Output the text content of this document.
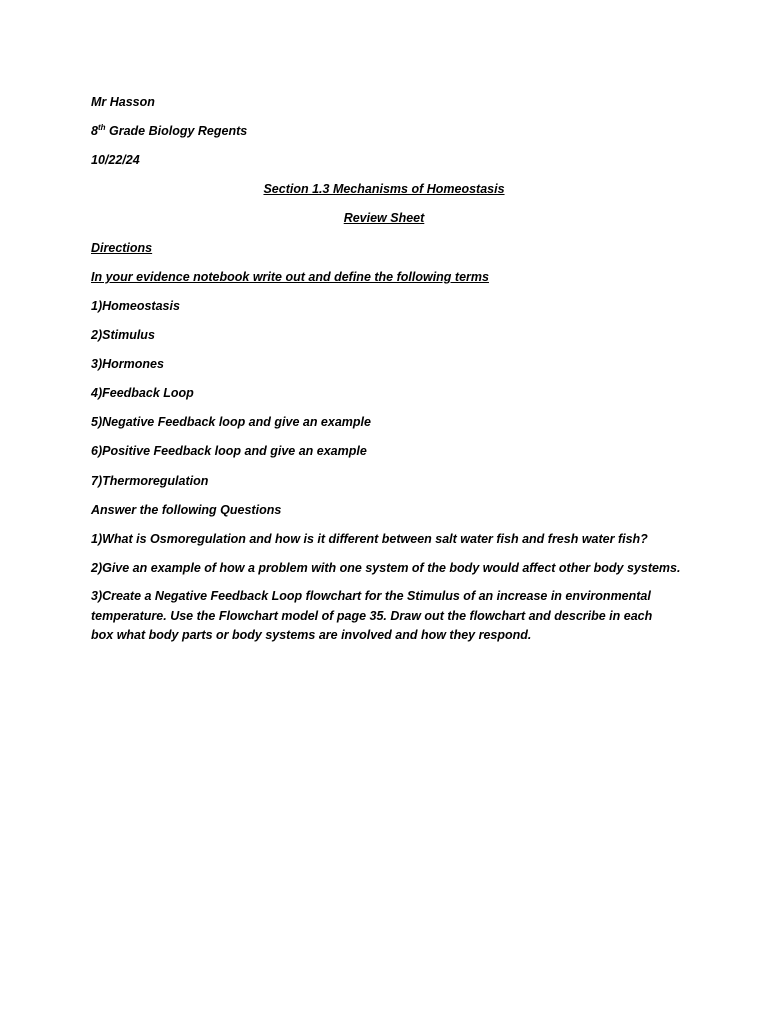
Mr Hasson
8th Grade Biology Regents
10/22/24
Section 1.3 Mechanisms of Homeostasis
Review Sheet
Directions
In your evidence notebook write out and define the following terms
1)Homeostasis
2)Stimulus
3)Hormones
4)Feedback Loop
5)Negative Feedback loop and give an example
6)Positive Feedback loop and give an example
7)Thermoregulation
Answer the following Questions
1)What is Osmoregulation and how is it different between salt water fish and fresh water fish?
2)Give an example of how a problem with one system of the body would affect other body systems.
3)Create a Negative Feedback Loop flowchart for the Stimulus of an increase in environmental temperature. Use the Flowchart model of page 35. Draw out the flowchart and describe in each box what body parts or body systems are involved and how they respond.
